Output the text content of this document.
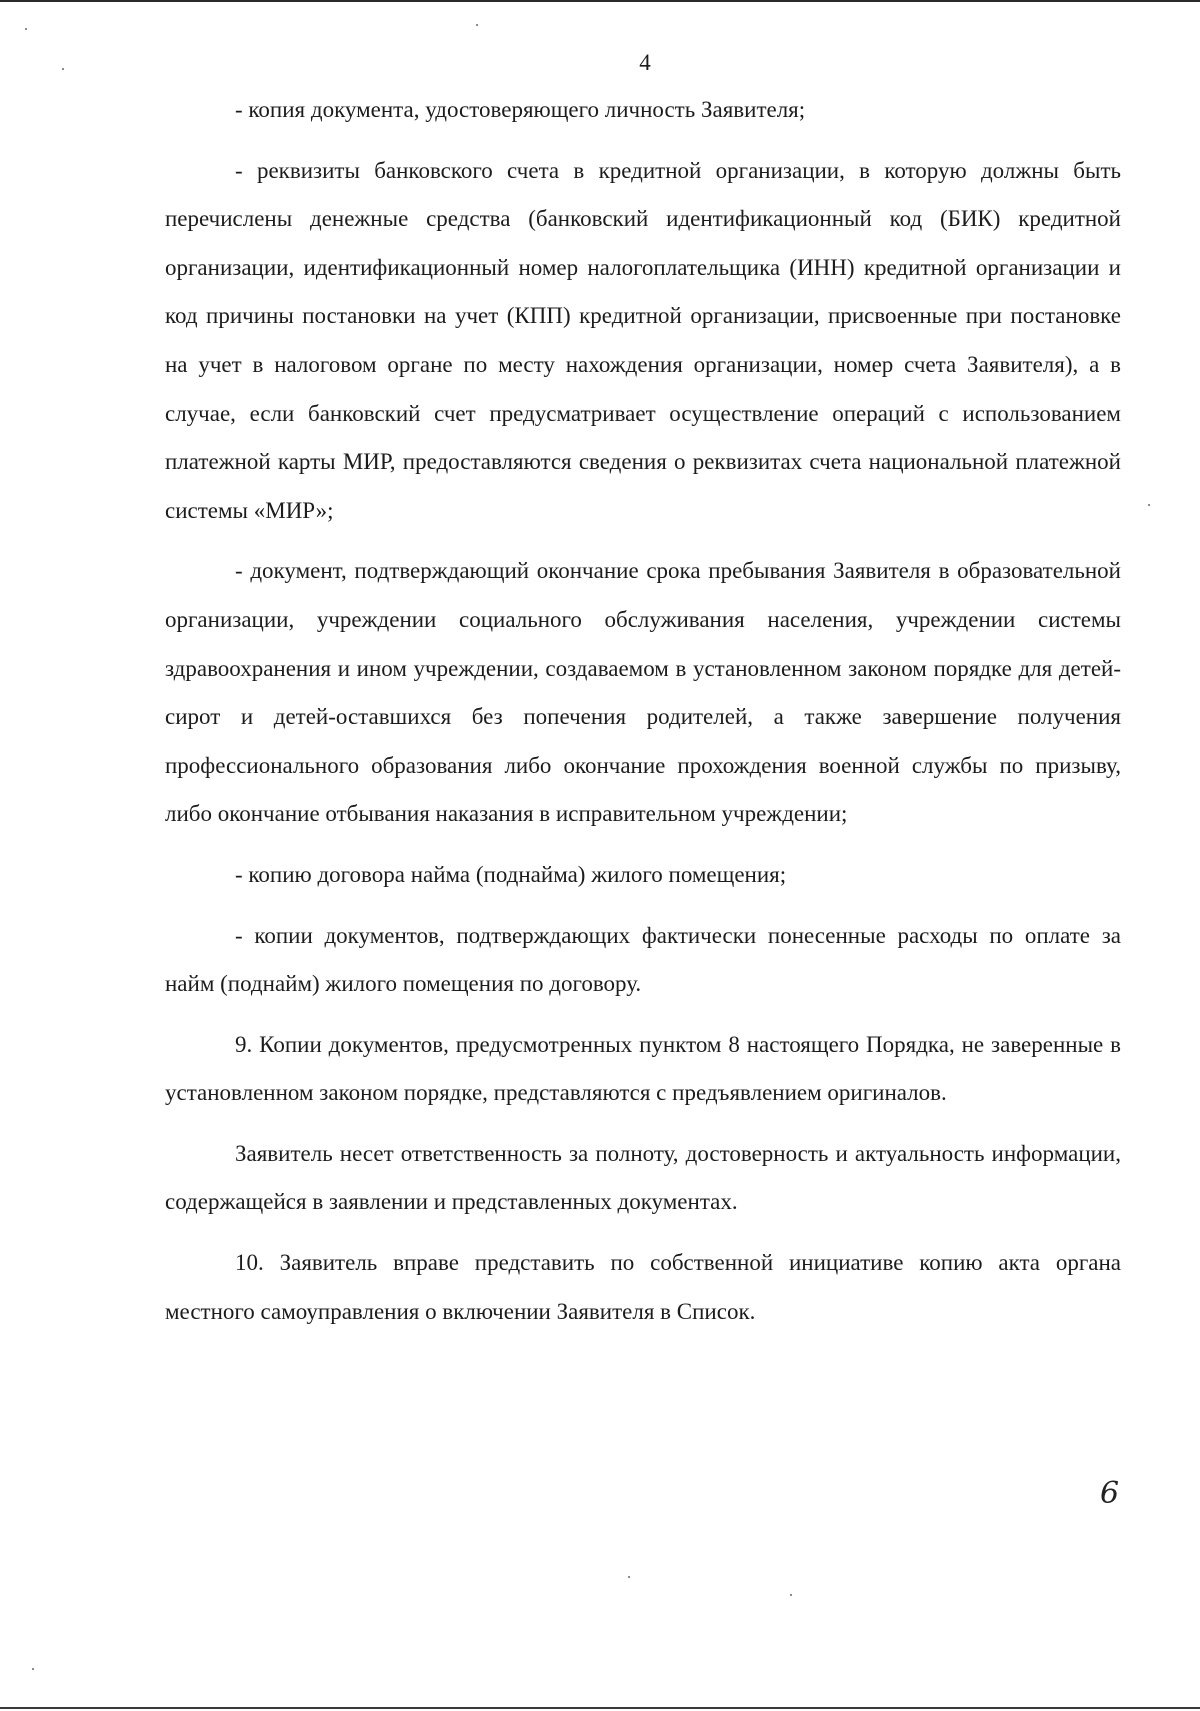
4

- копия документа, удостоверяющего личность Заявителя;

- реквизиты банковского счета в кредитной организации, в которую должны быть перечислены денежные средства (банковский идентификационный код (БИК) кредитной организации, идентификационный номер налогоплательщика (ИНН) кредитной организации и код причины постановки на учет (КПП) кредитной организации, присвоенные при постановке на учет в налоговом органе по месту нахождения организации, номер счета Заявителя), а в случае, если банковский счет предусматривает осуществление операций с использованием платежной карты МИР, предоставляются сведения о реквизитах счета национальной платежной системы «МИР»;

- документ, подтверждающий окончание срока пребывания Заявителя в образовательной организации, учреждении социального обслуживания населения, учреждении системы здравоохранения и ином учреждении, создаваемом в установленном законом порядке для детей-сирот и детей-оставшихся без попечения родителей, а также завершение получения профессионального образования либо окончание прохождения военной службы по призыву, либо окончание отбывания наказания в исправительном учреждении;

- копию договора найма (поднайма) жилого помещения;

- копии документов, подтверждающих фактически понесенные расходы по оплате за найм (поднайм) жилого помещения по договору.

9. Копии документов, предусмотренных пунктом 8 настоящего Порядка, не заверенные в установленном законом порядке, представляются с предъявлением оригиналов.

Заявитель несет ответственность за полноту, достоверность и актуальность информации, содержащейся в заявлении и представленных документах.

10. Заявитель вправе представить по собственной инициативе копию акта органа местного самоуправления о включении Заявителя в Список.

6
